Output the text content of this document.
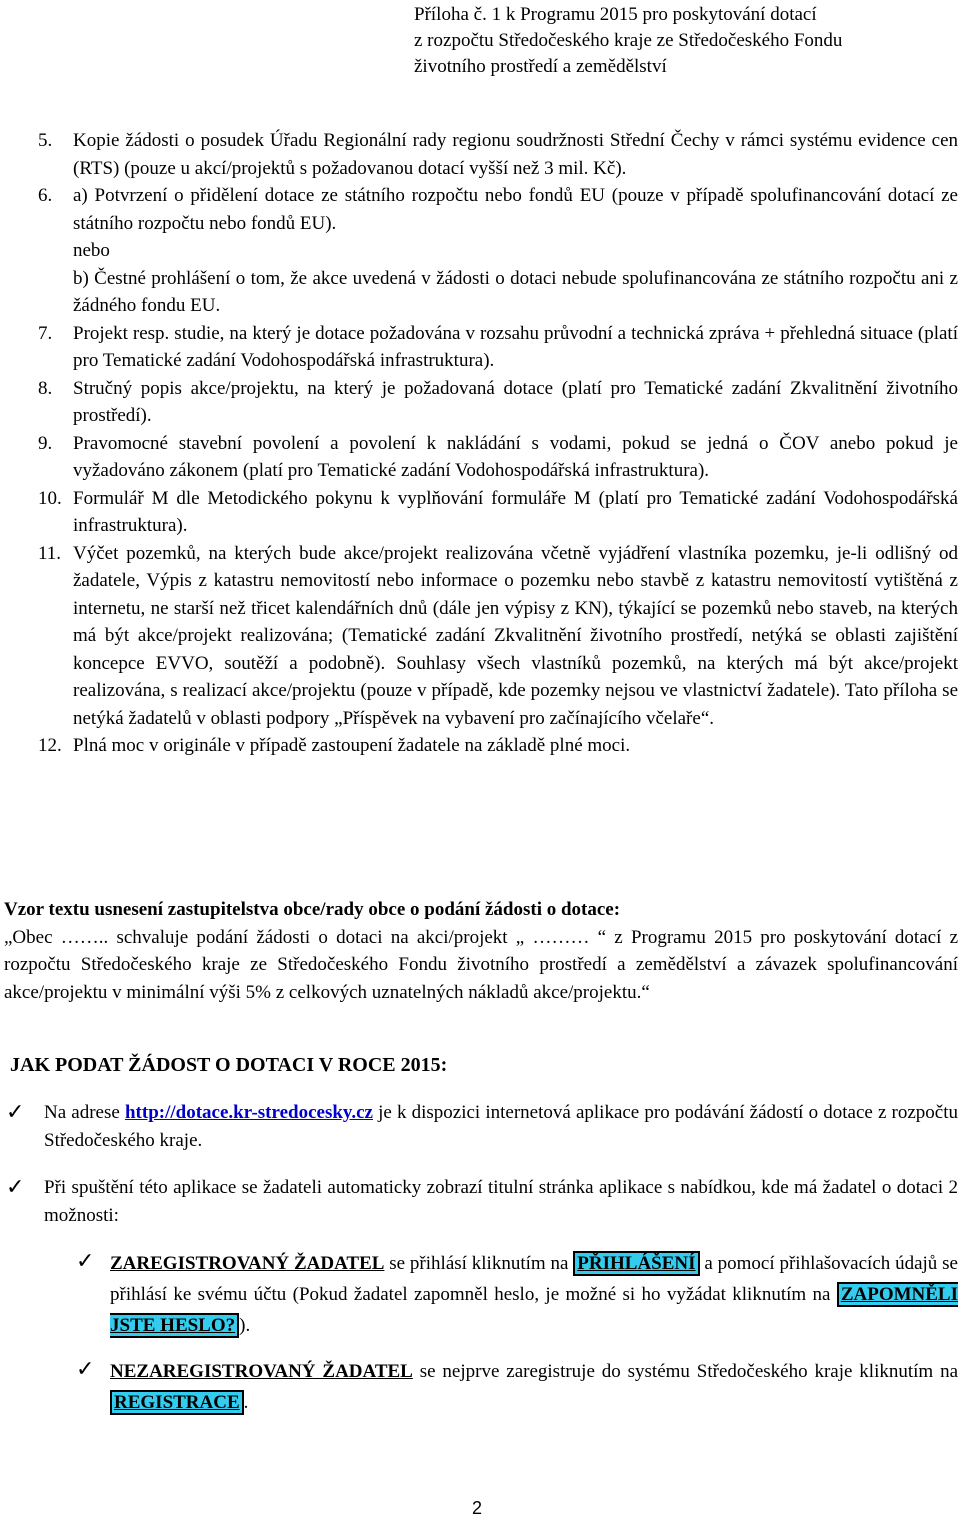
Příloha č. 1 k Programu 2015 pro poskytování dotací
z rozpočtu Středočeského kraje ze Středočeského Fondu
životního prostředí a zemědělství
5.	Kopie žádosti o posudek Úřadu Regionální rady regionu soudržnosti Střední Čechy v rámci systému evidence cen (RTS) (pouze u akcí/projektů s požadovanou dotací vyšší než 3 mil. Kč).
6.	a) Potvrzení o přidělení dotace ze státního rozpočtu nebo fondů EU (pouze v případě spolufinancování dotací ze státního rozpočtu nebo fondů EU).

nebo

b) Čestné prohlášení o tom, že akce uvedená v žádosti o dotaci nebude spolufinancována ze státního rozpočtu ani z žádného fondu EU.

7.	Projekt resp. studie, na který je dotace požadována v rozsahu průvodní a technická zpráva + přehledná situace (platí pro Tematické zadání Vodohospodářská infrastruktura).
8.	Stručný popis akce/projektu, na který je požadovaná dotace (platí pro Tematické zadání Zkvalitnění životního prostředí).
9.	Pravomocné stavební povolení a povolení k nakládání s vodami, pokud se jedná o ČOV anebo pokud je vyžadováno zákonem (platí pro Tematické zadání Vodohospodářská infrastruktura).
10. Formulář M dle Metodického pokynu k vyplňování formuláře M (platí pro Tematické zadání Vodohospodářská infrastruktura).
11. Výčet pozemků, na kterých bude akce/projekt realizována včetně vyjádření vlastníka pozemku, je-li odlišný od žadatele, Výpis z katastru nemovitostí nebo informace o pozemku nebo stavbě z katastru nemovitostí vytištěná z internetu, ne starší než třicet kalendářních dnů (dále jen výpisy z KN), týkající se pozemků nebo staveb, na kterých má být akce/projekt realizována; (Tematické zadání Zkvalitnění životního prostředí, netýká se oblasti zajištění koncepce EVVO, soutěží a podobně). Souhlasy všech vlastníků pozemků, na kterých má být akce/projekt realizována, s realizací akce/projektu (pouze v případě, kde pozemky nejsou ve vlastnictví žadatele). Tato příloha se netýká žadatelů v oblasti podpory „Příspěvek na vybavení pro začínajícího včelaře“.
12. Plná moc v originále v případě zastoupení žadatele na základě plné moci.
Vzor textu usnesení zastupitelstva obce/rady obce o podání žádosti o dotace:
„Obec …….. schvaluje podání žádosti o dotaci na akci/projekt „ ……… “ z Programu 2015 pro poskytování dotací z rozpočtu Středočeského kraje ze Středočeského Fondu životního prostředí a zemědělství a závazek spolufinancování akce/projektu v minimální výši 5% z celkových uznatelných nákladů akce/projektu.“
JAK PODAT ŽÁDOST O DOTACI V ROCE 2015:
✓	Na adrese http://dotace.kr-stredocesky.cz je k dispozici internetová aplikace pro podávání žádostí o dotace z rozpočtu Středočeského kraje.
✓	Při spuštění této aplikace se žadateli automaticky zobrazí titulní stránka aplikace s nabídkou, kde má žadatel o dotaci 2 možnosti:
✓ ZAREGISTROVANÝ ŽADATEL se přihlásí kliknutím na PŘIHLÁŠENÍ a pomocí přihlašovacích údajů se přihlásí ke svému účtu (Pokud žadatel zapomněl heslo, je možné si ho vyžádat kliknutím na ZAPOMNĚLI JSTE HESLO? ).
✓ NEZAREGISTROVANÝ ŽADATEL se nejprve zaregistruje do systému Středočeského kraje kliknutím na REGISTRACE .
2
